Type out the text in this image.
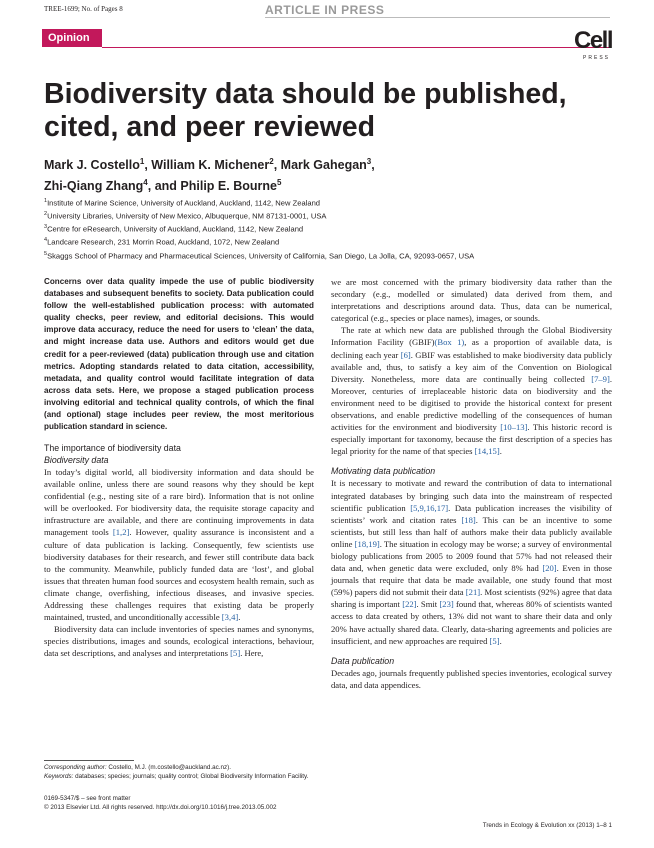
TREE-1699; No. of Pages 8	ARTICLE IN PRESS
Opinion	Cell
PRESS
Biodiversity data should be published, cited, and peer reviewed
Mark J. Costello$^1$, William K. Michener$^2$, Mark Gahegan$^3$,
Zhi-Qiang Zhang$^4$, and Philip E. Bourne$^5$
$^1$Institute of Marine Science, University of Auckland, Auckland, 1142, New Zealand
$^2$University Libraries, University of New Mexico, Albuquerque, NM 87131-0001, USA
$^3$Centre for eResearch, University of Auckland, Auckland, 1142, New Zealand
$^4$Landcare Research, 231 Morrin Road, Auckland, 1072, New Zealand
$^5$Skaggs School of Pharmacy and Pharmaceutical Sciences, University of California, San Diego, La Jolla, CA, 92093-0657, USA
Concerns over data quality impede the use of public biodiversity databases and subsequent benefits to society. Data publication could follow the well-established publication process: with automated quality checks, peer review, and editorial decisions. This would improve data accuracy, reduce the need for users to ‘clean’ the data, and might increase data use. Authors and editors would get due credit for a peer-reviewed (data) publication through use and citation metrics. Adopting standards related to data citation, accessibility, metadata, and quality control would facilitate integration of data across data sets. Here, we propose a staged publication process involving editorial and technical quality controls, of which the final (and optional) stage includes peer review, the most meritorious publication standard in science.
The importance of biodiversity data
Biodiversity data

In today’s digital world, all biodiversity information and data should be available online, unless there are sound reasons why they should be kept confidential (e.g., nesting site of a rare bird). Information that is not online will be overlooked. For biodiversity data, the requisite storage capacity and infrastructure are available, and there are continuing improvements in data management tools [1,2]. However, quality assurance is inconsistent and a culture of data publication is lacking. Consequently, few scientists use biodiversity databases for their research, and fewer still contribute data back to the community. Meanwhile, publicly funded data are ‘lost’, and global issues that threaten human food sources and ecosystem health remain, such as climate change, overfishing, infectious diseases, and invasive species. Addressing these challenges requires that existing data be properly maintained, trusted, and unconditionally accessible [3,4].

Biodiversity data can include inventories of species names and synonyms, species distributions, images and sounds, ecological interactions, behaviour, data set descriptions, and analyses and interpretations [5]. Here,

we are most concerned with the primary biodiversity data rather than the secondary (e.g., modelled or simulated) data derived from them, and interpretations and descriptions around data. Thus, data can be numerical, categorical (e.g., species or place names), images, or sounds.

The rate at which new data are published through the Global Biodiversity Information Facility (GBIF)(Box 1), as a proportion of available data, is declining each year [6]. GBIF was established to make biodiversity data publicly available and, thus, to satisfy a key aim of the Convention on Biological Diversity. Nonetheless, more data are continually being collected [7–9]. Moreover, centuries of irreplaceable historic data on biodiversity and the environment need to be digitised to provide the historical context for present observations, and enable predictive modelling of the consequences of human activities for the environment and biodiversity [10–13]. This historic record is especially important for taxonomy, because the first description of a species has legal priority for the name of that species [14,15].

Motivating data publication

It is necessary to motivate and reward the contribution of data to international integrated databases by bringing such data into the mainstream of respected scientific publication [5,9,16,17]. Data publication increases the visibility of scientists’ work and citation rates [18]. This can be an incentive to some scientists, but still less than half of authors make their data publicly available online [18,19]. The situation in ecology may be worse; a survey of environmental biology publications from 2005 to 2009 found that 57% had not released their data and, when genetic data were excluded, only 8% had [20]. Even in those journals that require that data be made available, one study found that most (59%) papers did not submit their data [21]. Most scientists (92%) agree that data sharing is important [22]. Smit [23] found that, whereas 80% of scientists wanted access to data created by others, 13% did not want to share their data and only 20% have actually shared data. Clearly, data-sharing agreements and policies are insufficient, and new approaches are required [5].

Data publication

Decades ago, journals frequently published species inventories, ecological survey data, and data appendices.

Corresponding author: Costello, M.J. (m.costello@auckland.ac.nz).
Keywords: databases; species; journals; quality control; Global Biodiversity Information Facility.
0169-5347/$ – see front matter
© 2013 Elsevier Ltd. All rights reserved. http://dx.doi.org/10.1016/j.tree.2013.05.002
Trends in Ecology & Evolution xx (2013) 1–8 1
